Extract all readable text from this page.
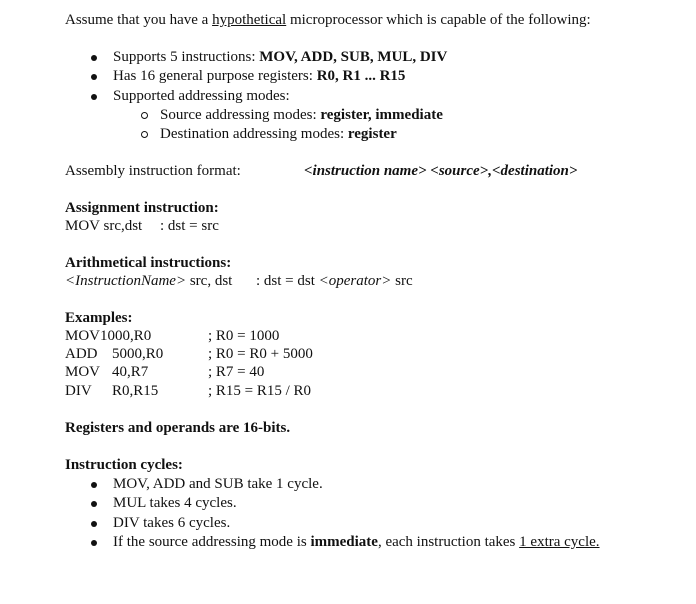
Assume that you have a hypothetical microprocessor which is capable of the following:
Supports 5 instructions: MOV, ADD, SUB, MUL, DIV
Has 16 general purpose registers: R0, R1 ... R15
Supported addressing modes:
Source addressing modes: register, immediate
Destination addressing modes: register
Assembly instruction format:	<instruction name> <source>,<destination>
Assignment instruction:
MOV src,dst : dst = src
Arithmetical instructions:
<InstructionName> src, dst : dst = dst <operator> src
Examples:
MOV 1000,R0	; R0 = 1000
ADD 5000,R0	; R0 = R0 + 5000
MOV 40,R7	; R7 = 40
DIV R0,R15	; R15 = R15 / R0
Registers and operands are 16-bits.
Instruction cycles:
MOV, ADD and SUB take 1 cycle.
MUL takes 4 cycles.
DIV takes 6 cycles.
If the source addressing mode is immediate, each instruction takes 1 extra cycle.
